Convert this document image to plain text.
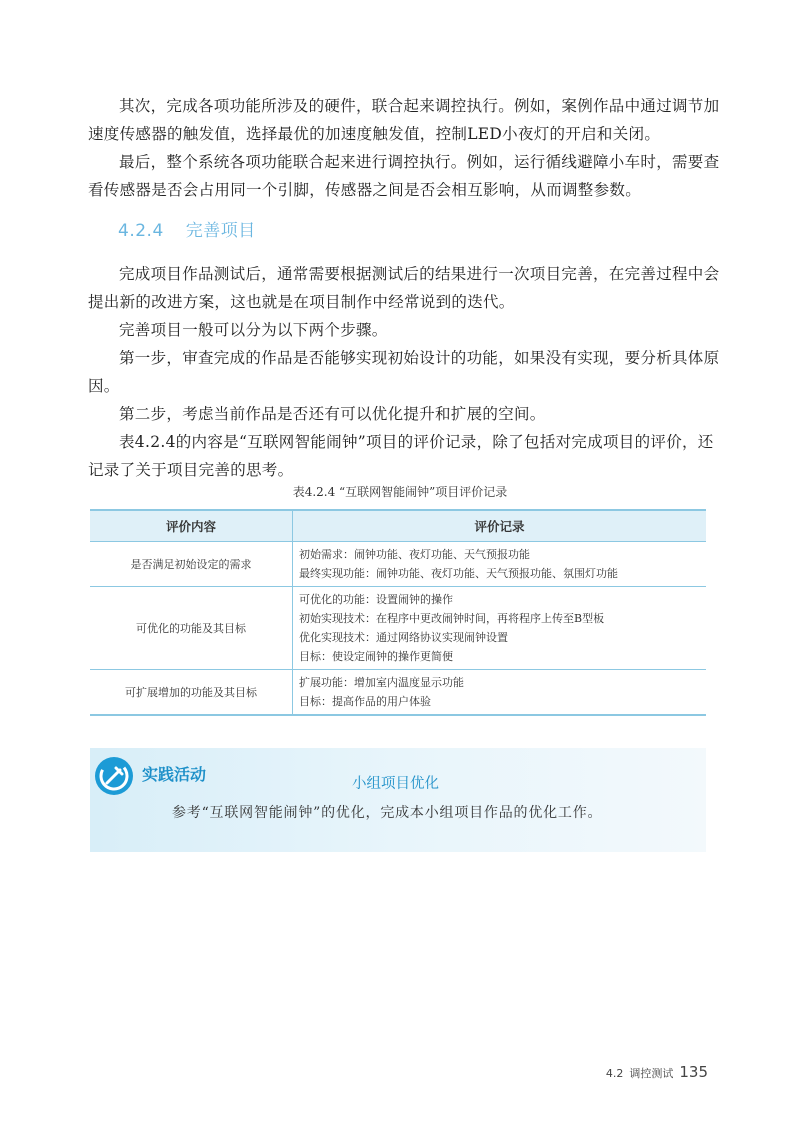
其次，完成各项功能所涉及的硬件，联合起来调控执行。例如，案例作品中通过调节加速度传感器的触发值，选择最优的加速度触发值，控制LED小夜灯的开启和关闭。

最后，整个系统各项功能联合起来进行调控执行。例如，运行循线避障小车时，需要查看传感器是否会占用同一个引脚，传感器之间是否会相互影响，从而调整参数。

4.2.4 完善项目

完成项目作品测试后，通常需要根据测试后的结果进行一次项目完善，在完善过程中会提出新的改进方案，这也就是在项目制作中经常说到的迭代。

完善项目一般可以分为以下两个步骤。

第一步，审查完成的作品是否能够实现初始设计的功能，如果没有实现，要分析具体原因。

第二步，考虑当前作品是否还有可以优化提升和扩展的空间。

表4.2.4的内容是“互联网智能闹钟”项目的评价记录，除了包括对完成项目的评价，还记录了关于项目完善的思考。

表4.2.4 “互联网智能闹钟”项目评价记录
评价内容	评价记录
是否满足初始设定的需求	初始需求：闹钟功能、夜灯功能、天气预报功能
最终实现功能：闹钟功能、夜灯功能、天气预报功能、氛围灯功能

可优化的功能及其目标	可优化的功能：设置闹钟的操作
初始实现技术：在程序中更改闹钟时间，再将程序上传至B型板
优化实现技术：通过网络协议实现闹钟设置
目标：使设定闹钟的操作更简便

可扩展增加的功能及其目标	扩展功能：增加室内温度显示功能
目标：提高作品的用户体验
实践活动	小组项目优化
参考“互联网智能闹钟”的优化，完成本小组项目作品的优化工作。
4.2 调控测试 135
